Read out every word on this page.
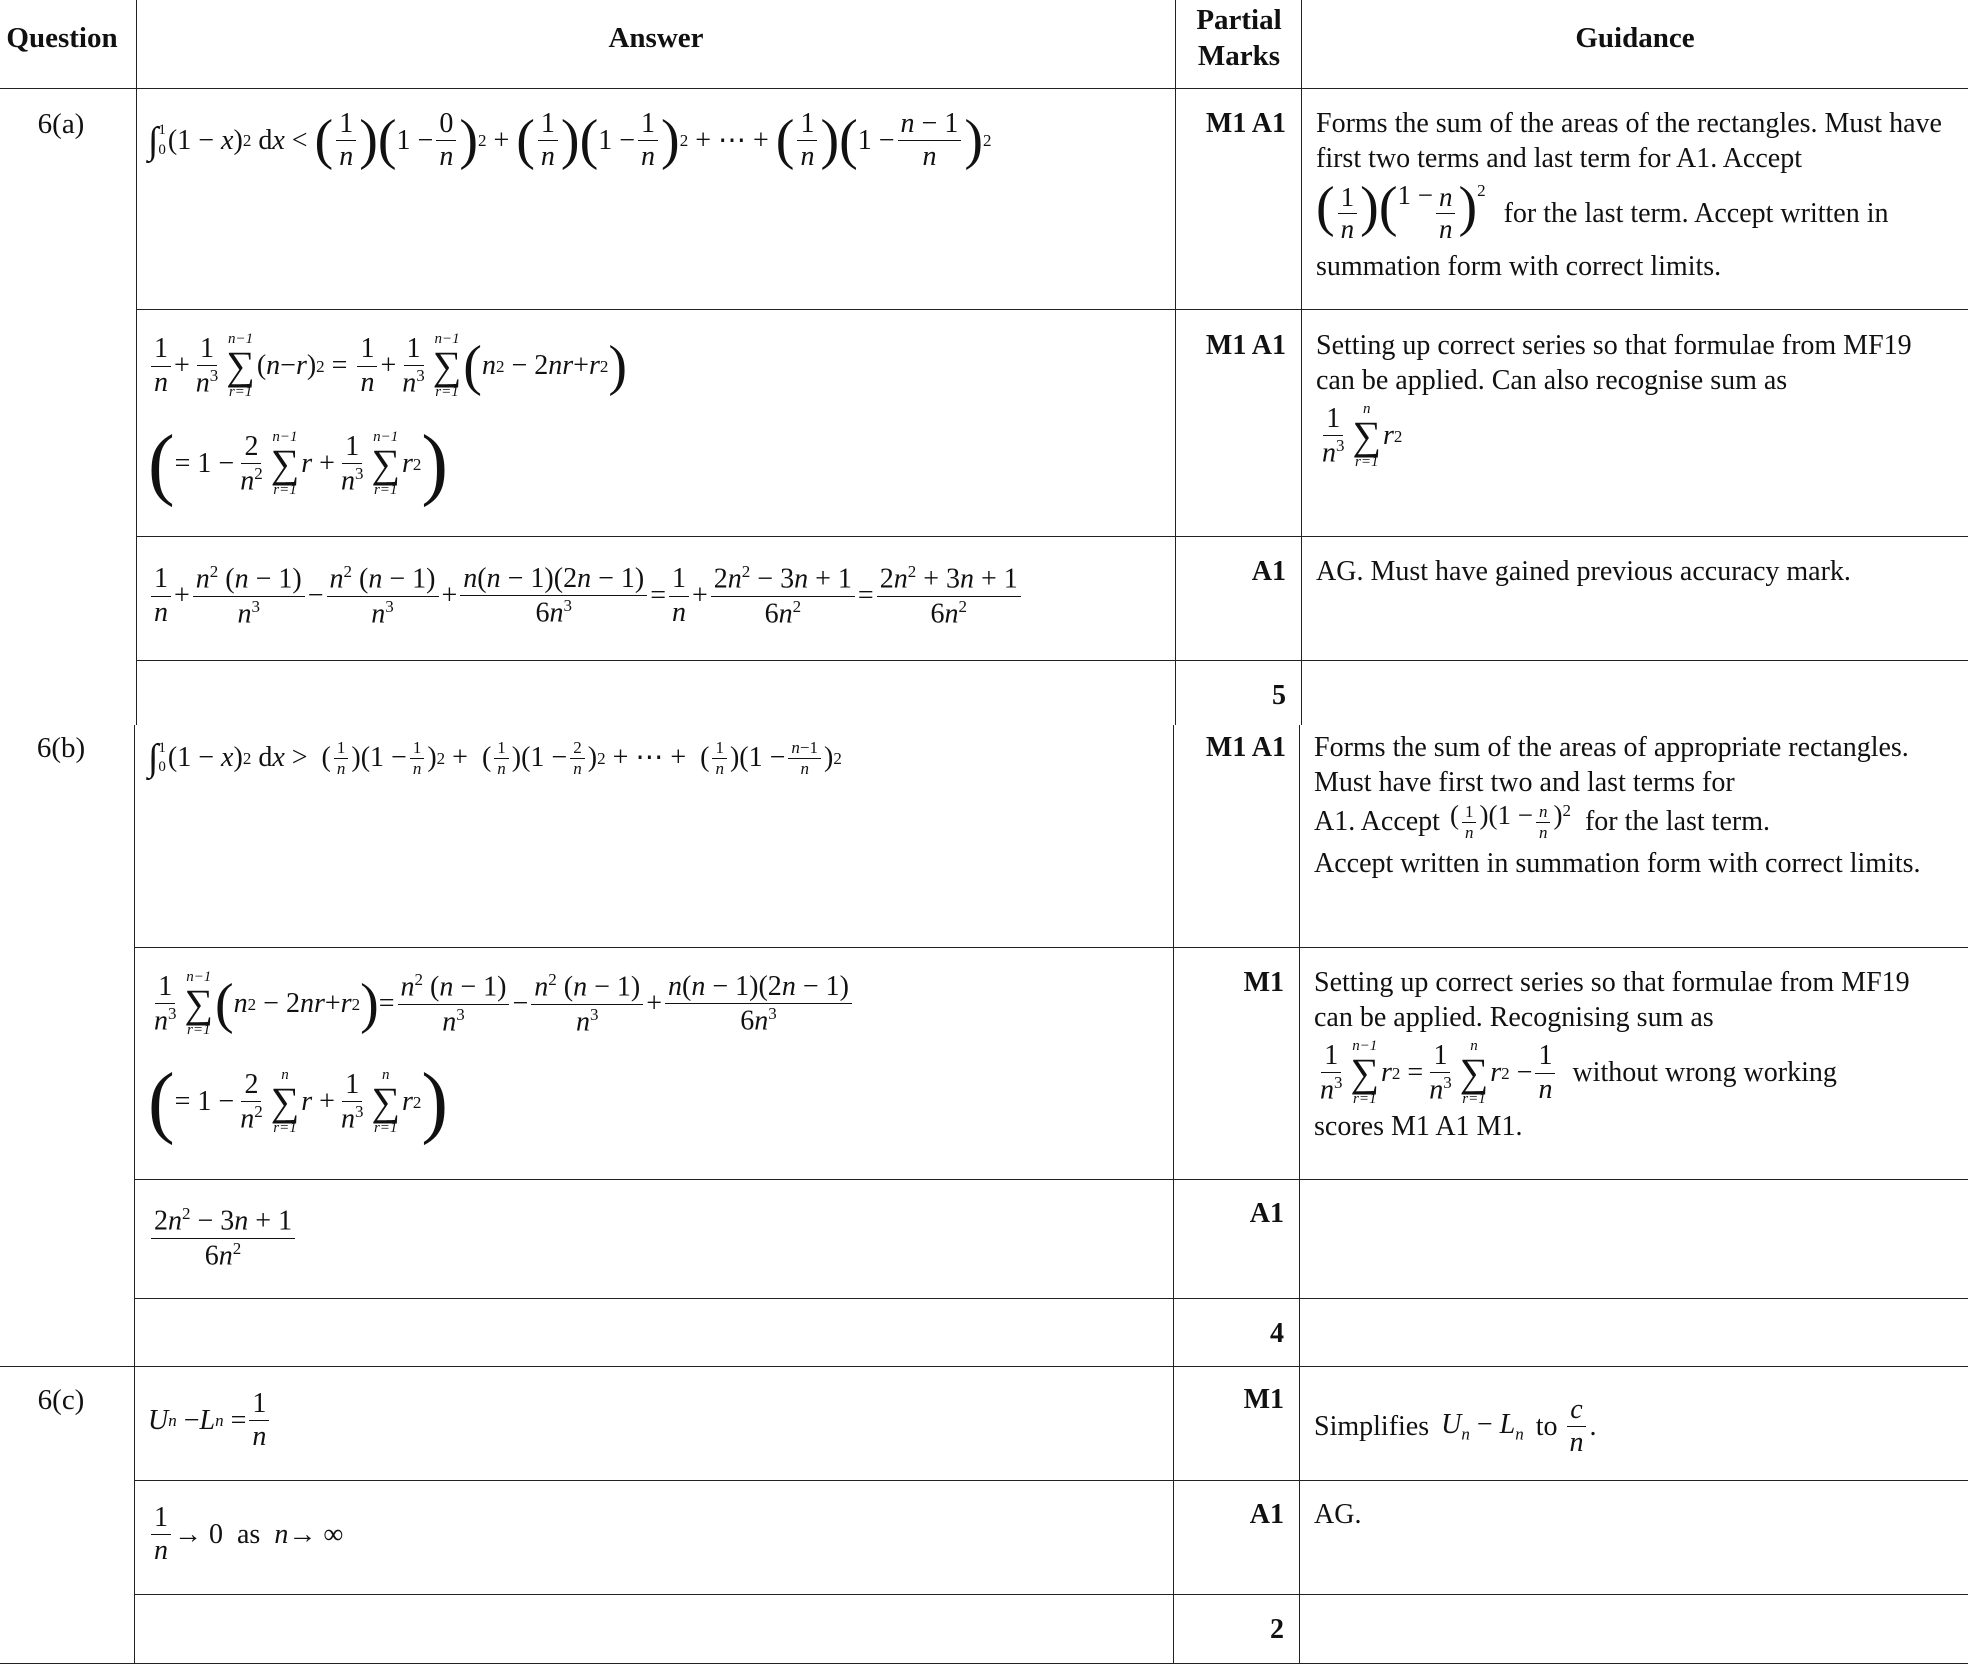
Question	Answer
Partial
Marks
Guidance
6(a)
6(b)
6(c)
M1 A1
M1 A1
A1
5
M1 A1
M1
A1
4
M1
A1
2
∫ 1
0 (1 − x ) 2 d x < ( 1
n ) ( 1 −
0
n ) 2 + ( 1
n ) ( 1 −
1
n ) 2 + ⋯ + ( 1
n ) ( 1 −
n − 1
n ) 2
1
n
+
1
$n^3$
n−1
∑
r=1
( n − r ) 2 =
1
n
+
1
$n^3$
n−1
∑
r=1 ( n 2 − 2 nr + r 2 )
( = 1 −
2
$n^2$
n−1
∑
r=1
r +
1
$n^3$
n−1
∑
r=1
r 2 )
1
n
+
$n^2$ (n − 1)
$n^3$ −
$n^2$ (n − 1)
$n^3$ +
n(n − 1)(2n − 1)
$6n^3$	=
1
n
+
$2n^2 - 3n + 1$
$6n^2$ =
$2n^2 + 3n + 1$
$6n^2$
∫ 1
0 (1 − x ) 2 d x >  ( 1
n )(1 − 1
n ) 2 +  ( 1
n )(1 − 2
n ) 2 + ⋯ +  ( 1
n )(1 − n−1
n ) 2
1
$n^3$
n−1
∑
r=1 ( n 2 − 2 nr + r 2 ) =
$n^2$ (n − 1)
$n^3$ −
$n^2$ (n − 1)
$n^3$ +
n(n − 1)(2n − 1)
$6n^3$
( = 1 −
2
$n^2$
n
∑
r=1
r +
1
$n^3$
n
∑
r=1
r 2 )
$2n^2 - 3n + 1$
$6n^2$
U n − L n =
1
n
1
n
→ 0 as
n → ∞
Forms the sum of the areas of the rectangles. Must have first two terms and last term for A1. Accept
( 1
n ) ( 1 − n
n ) 2
for the last term. Accept written in
summation form with correct limits.
Setting up correct series so that formulae from MF19 can be applied. Can also recognise sum as
1
$n^3$
n
∑
r=1
r 2
AG. Must have gained previous accuracy mark.
Forms the sum of the areas of appropriate rectangles. Must have first two and last terms for
A1. Accept ( 1
n
)(1 − n
n
) 2 for the last term.
Accept written in summation form with correct limits.
Setting up correct series so that formulae from MF19 can be applied. Recognising sum as
1
$n^3$
n−1
∑
r=1
r 2 =
1
$n^3$
n
∑
r=1
r 2 −
1
n
without wrong working
scores M1 A1 M1.
Simplifies $U_n - L_n$ to
c
n
.
AG.
